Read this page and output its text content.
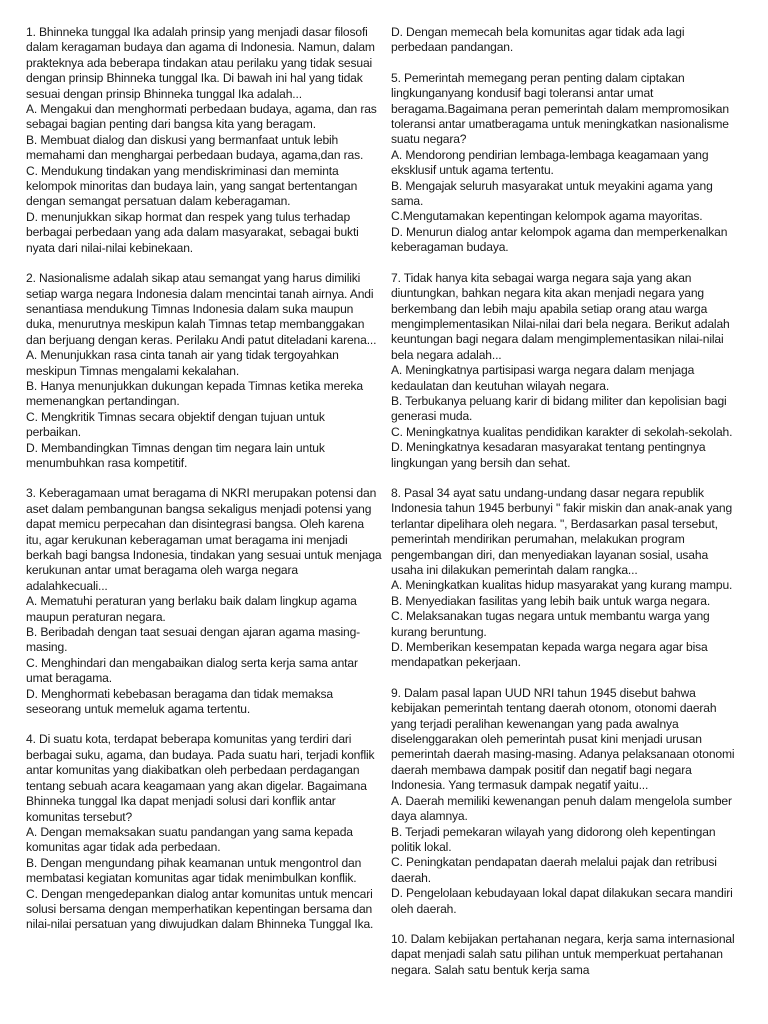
1. Bhinneka tunggal Ika adalah prinsip yang menjadi dasar filosofi dalam keragaman budaya dan agama di Indonesia. Namun, dalam prakteknya ada beberapa tindakan atau perilaku yang tidak sesuai dengan prinsip Bhinneka tunggal Ika. Di bawah ini hal yang tidak sesuai dengan prinsip Bhinneka tunggal Ika adalah...

A. Mengakui dan menghormati perbedaan budaya, agama, dan ras sebagai bagian penting dari bangsa kita yang beragam.

B. Membuat dialog dan diskusi yang bermanfaat untuk lebih memahami dan menghargai perbedaan budaya, agama,dan ras.

C. Mendukung tindakan yang mendiskriminasi dan meminta kelompok minoritas dan budaya lain, yang sangat bertentangan dengan semangat persatuan dalam keberagaman.

D. menunjukkan sikap hormat dan respek yang tulus terhadap berbagai perbedaan yang ada dalam masyarakat, sebagai bukti nyata dari nilai-nilai kebinekaan.

2. Nasionalisme adalah sikap atau semangat yang harus dimiliki setiap warga negara Indonesia dalam mencintai tanah airnya. Andi senantiasa mendukung Timnas Indonesia dalam suka maupun duka, menurutnya meskipun kalah Timnas tetap membanggakan dan berjuang dengan keras. Perilaku Andi patut diteladani karena...

A. Menunjukkan rasa cinta tanah air yang tidak tergoyahkan meskipun Timnas mengalami kekalahan.

B. Hanya menunjukkan dukungan kepada Timnas ketika mereka memenangkan pertandingan.

C. Mengkritik Timnas secara objektif dengan tujuan untuk perbaikan.

D. Membandingkan Timnas dengan tim negara lain untuk menumbuhkan rasa kompetitif.

3. Keberagamaan umat beragama di NKRI merupakan potensi dan aset dalam pembangunan bangsa sekaligus menjadi potensi yang dapat memicu perpecahan dan disintegrasi bangsa. Oleh karena itu, agar kerukunan keberagaman umat beragama ini menjadi berkah bagi bangsa Indonesia, tindakan yang sesuai untuk menjaga kerukunan antar umat beragama oleh warga negara adalahkecuali...

A. Mematuhi peraturan yang berlaku baik dalam lingkup agama maupun peraturan negara.

B. Beribadah dengan taat sesuai dengan ajaran agama masing-masing.

C. Menghindari dan mengabaikan dialog serta kerja sama antar umat beragama.

D. Menghormati kebebasan beragama dan tidak memaksa seseorang untuk memeluk agama tertentu.

4. Di suatu kota, terdapat beberapa komunitas yang terdiri dari berbagai suku, agama, dan budaya. Pada suatu hari, terjadi konflik antar komunitas yang diakibatkan oleh perbedaan perdagangan tentang sebuah acara keagamaan yang akan digelar. Bagaimana Bhinneka tunggal Ika dapat menjadi solusi dari konflik antar komunitas tersebut?

A. Dengan memaksakan suatu pandangan yang sama kepada komunitas agar tidak ada perbedaan.

B. Dengan mengundang pihak keamanan untuk mengontrol dan membatasi kegiatan komunitas agar tidak menimbulkan konflik.

C. Dengan mengedepankan dialog antar komunitas untuk mencari solusi bersama dengan memperhatikan kepentingan bersama dan nilai-nilai persatuan yang diwujudkan dalam Bhinneka Tunggal Ika.

D. Dengan memecah bela komunitas agar tidak ada lagi perbedaan pandangan.

5. Pemerintah memegang peran penting dalam ciptakan lingkunganyang kondusif bagi toleransi antar umat beragama.Bagaimana peran pemerintah dalam mempromosikan toleransi antar umatberagama untuk meningkatkan nasionalisme suatu negara?

A. Mendorong pendirian lembaga-lembaga keagamaan yang eksklusif untuk agama tertentu.

B. Mengajak seluruh masyarakat untuk meyakini agama yang sama.

C.Mengutamakan kepentingan kelompok agama mayoritas.

D. Menurun dialog antar kelompok agama dan memperkenalkan keberagaman budaya.

7. Tidak hanya kita sebagai warga negara saja yang akan diuntungkan, bahkan negara kita akan menjadi negara yang berkembang dan lebih maju apabila setiap orang atau warga mengimplementasikan Nilai-nilai dari bela negara. Berikut adalah keuntungan bagi negara dalam mengimplementasikan nilai-nilai bela negara adalah...

A. Meningkatnya partisipasi warga negara dalam menjaga kedaulatan dan keutuhan wilayah negara.

B. Terbukanya peluang karir di bidang militer dan kepolisian bagi generasi muda.

C. Meningkatnya kualitas pendidikan karakter di sekolah-sekolah.

D. Meningkatnya kesadaran masyarakat tentang pentingnya lingkungan yang bersih dan sehat.

8. Pasal 34 ayat satu undang-undang dasar negara republik Indonesia tahun 1945 berbunyi " fakir miskin dan anak-anak yang terlantar dipelihara oleh negara. ", Berdasarkan pasal tersebut, pemerintah mendirikan perumahan, melakukan program pengembangan diri, dan menyediakan layanan sosial, usaha usaha ini dilakukan pemerintah dalam rangka...

A. Meningkatkan kualitas hidup masyarakat yang kurang mampu.

B. Menyediakan fasilitas yang lebih baik untuk warga negara.

C. Melaksanakan tugas negara untuk membantu warga yang kurang beruntung.

D. Memberikan kesempatan kepada warga negara agar bisa mendapatkan pekerjaan.

9. Dalam pasal lapan UUD NRI tahun 1945 disebut bahwa kebijakan pemerintah tentang daerah otonom, otonomi daerah yang terjadi peralihan kewenangan yang pada awalnya diselenggarakan oleh pemerintah pusat kini menjadi urusan pemerintah daerah masing-masing. Adanya pelaksanaan otonomi daerah membawa dampak positif dan negatif bagi negara Indonesia. Yang termasuk dampak negatif yaitu...

A. Daerah memiliki kewenangan penuh dalam mengelola sumber daya alamnya.

B. Terjadi pemekaran wilayah yang didorong oleh kepentingan politik lokal.

C. Peningkatan pendapatan daerah melalui pajak dan retribusi daerah.

D. Pengelolaan kebudayaan lokal dapat dilakukan secara mandiri oleh daerah.

10. Dalam kebijakan pertahanan negara, kerja sama internasional dapat menjadi salah satu pilihan untuk memperkuat pertahanan negara. Salah satu bentuk kerja sama
